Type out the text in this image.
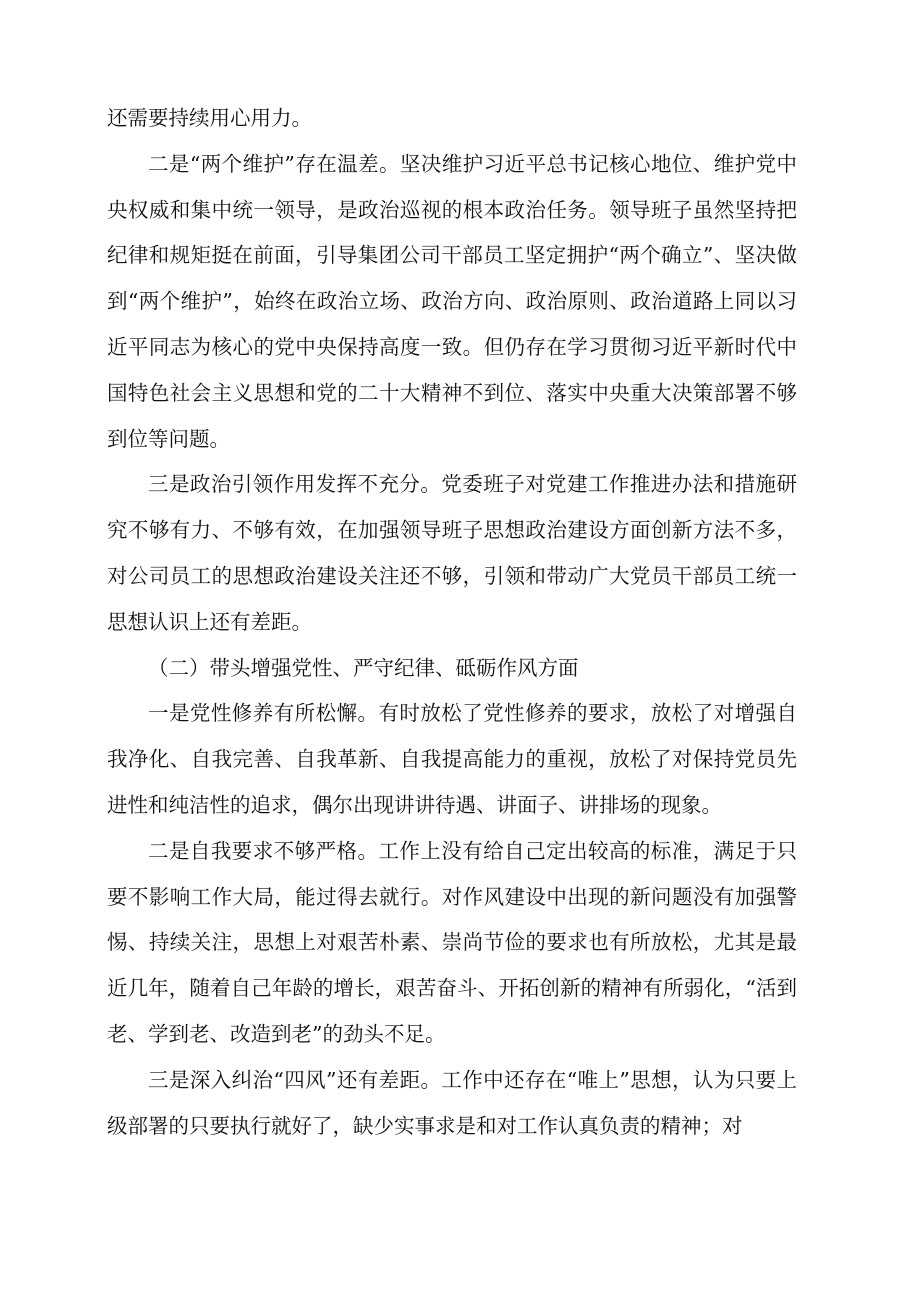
还需要持续用心用力。

二是“两个维护”存在温差。坚决维护习近平总书记核心地位、维护党中央权威和集中统一领导，是政治巡视的根本政治任务。领导班子虽然坚持把纪律和规矩挺在前面，引导集团公司干部员工坚定拥护“两个确立”、坚决做到“两个维护”，始终在政治立场、政治方向、政治原则、政治道路上同以习近平同志为核心的党中央保持高度一致。但仍存在学习贯彻习近平新时代中国特色社会主义思想和党的二十大精神不到位、落实中央重大决策部署不够到位等问题。

三是政治引领作用发挥不充分。党委班子对党建工作推进办法和措施研究不够有力、不够有效，在加强领导班子思想政治建设方面创新方法不多，对公司员工的思想政治建设关注还不够，引领和带动广大党员干部员工统一思想认识上还有差距。

（二）带头增强党性、严守纪律、砥砺作风方面

一是党性修养有所松懈。有时放松了党性修养的要求，放松了对增强自我净化、自我完善、自我革新、自我提高能力的重视，放松了对保持党员先进性和纯洁性的追求，偶尔出现讲讲待遇、讲面子、讲排场的现象。

二是自我要求不够严格。工作上没有给自己定出较高的标准，满足于只要不影响工作大局，能过得去就行。对作风建设中出现的新问题没有加强警惕、持续关注，思想上对艰苦朴素、崇尚节俭的要求也有所放松，尤其是最近几年，随着自己年龄的增长，艰苦奋斗、开拓创新的精神有所弱化，“活到老、学到老、改造到老”的劲头不足。

三是深入纠治“四风”还有差距。工作中还存在“唯上”思想，认为只要上级部署的只要执行就好了，缺少实事求是和对工作认真负责的精神；对
